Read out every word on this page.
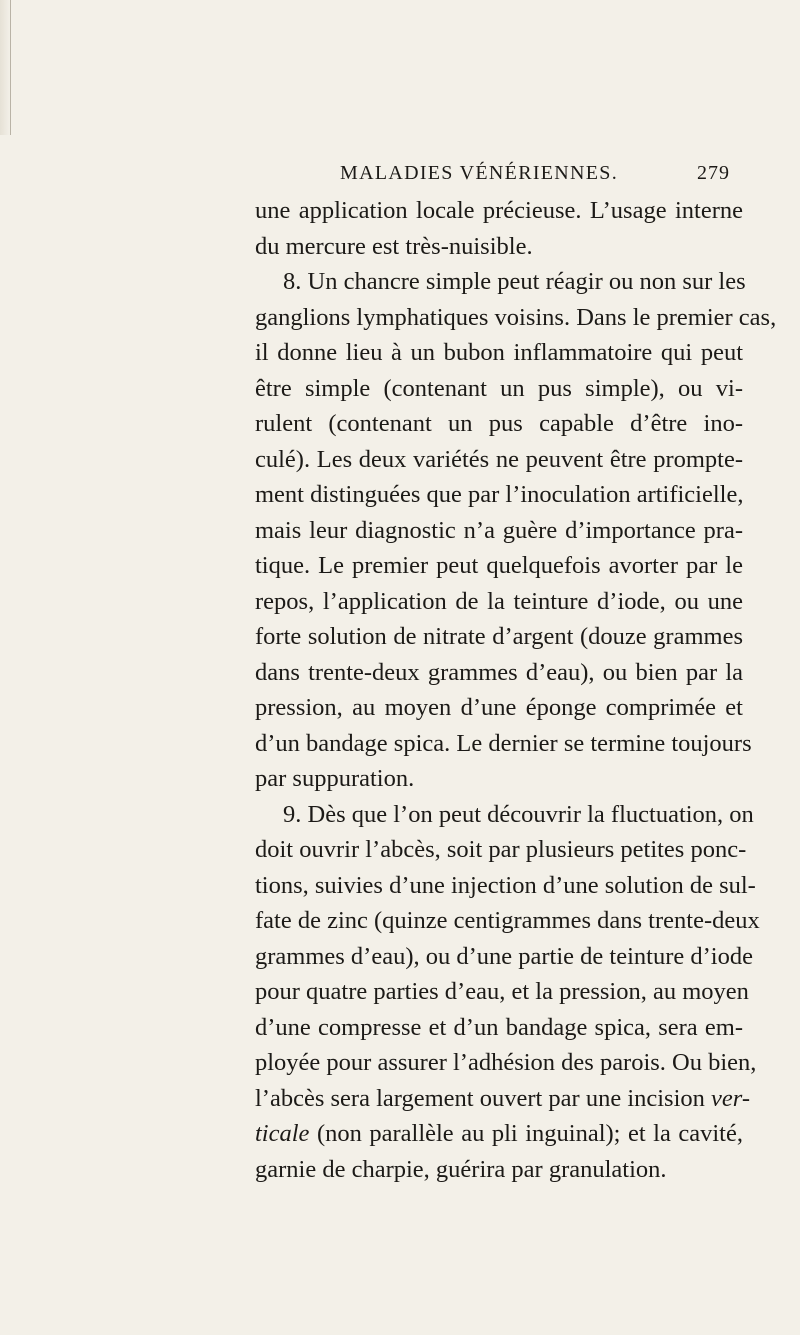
MALADIES VÉNÉRIENNES.	279
une application locale précieuse. L’usage interne
du mercure est très-nuisible.
8. Un chancre simple peut réagir ou non sur les
ganglions lymphatiques voisins. Dans le premier cas,
il donne lieu à un bubon inflammatoire qui peut
être simple (contenant un pus simple), ou vi-
rulent (contenant un pus capable d’être ino-
culé). Les deux variétés ne peuvent être prompte-
ment distinguées que par l’inoculation artificielle,
mais leur diagnostic n’a guère d’importance pra-
tique. Le premier peut quelquefois avorter par le
repos, l’application de la teinture d’iode, ou une
forte solution de nitrate d’argent (douze grammes
dans trente-deux grammes d’eau), ou bien par la
pression, au moyen d’une éponge comprimée et
d’un bandage spica. Le dernier se termine toujours
par suppuration.
9. Dès que l’on peut découvrir la fluctuation, on
doit ouvrir l’abcès, soit par plusieurs petites ponc-
tions, suivies d’une injection d’une solution de sul-
fate de zinc (quinze centigrammes dans trente-deux
grammes d’eau), ou d’une partie de teinture d’iode
pour quatre parties d’eau, et la pression, au moyen
d’une compresse et d’un bandage spica, sera em-
ployée pour assurer l’adhésion des parois. Ou bien,
l’abcès sera largement ouvert par une incision ver-
ticale (non parallèle au pli inguinal); et la cavité,
garnie de charpie, guérira par granulation.
